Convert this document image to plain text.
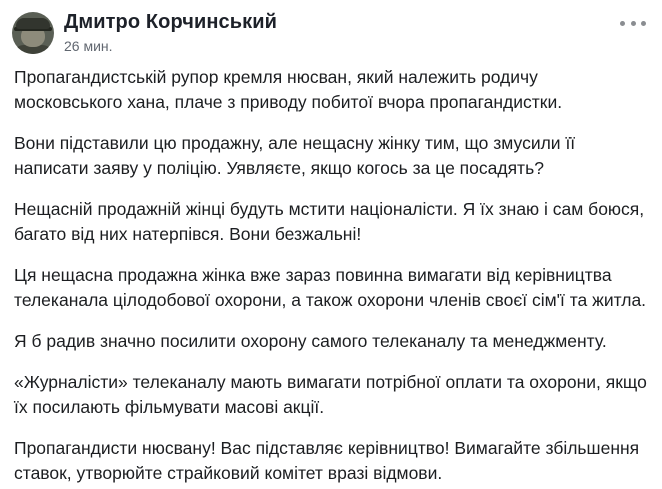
Дмитро Корчинський
26 мин.

Пропагандистській рупор кремля нюсван, який належить родичу московського хана, плаче з приводу побитої вчора пропагандистки.

Вони підставили цю продажну, але нещасну жінку тим, що змусили її написати заяву у поліцію. Уявляєте, якщо когось за це посадять?

Нещасній продажній жінці будуть мстити націоналісти. Я їх знаю і сам боюся, багато від них натерпівся. Вони безжальні!

Ця нещасна продажна жінка вже зараз повинна вимагати від керівництва телеканала цілодобової охорони, а також охорони членів своєї сім'ї та житла.

Я б радив значно посилити охорону самого телеканалу та менеджменту.

«Журналісти» телеканалу мають вимагати потрібної оплати та охорони, якщо їх посилають фільмувати масові акції.

Пропагандисти нюсвану! Вас підставляє керівництво! Вимагайте збільшення ставок, утворюйте страйковий комітет вразі відмови.
